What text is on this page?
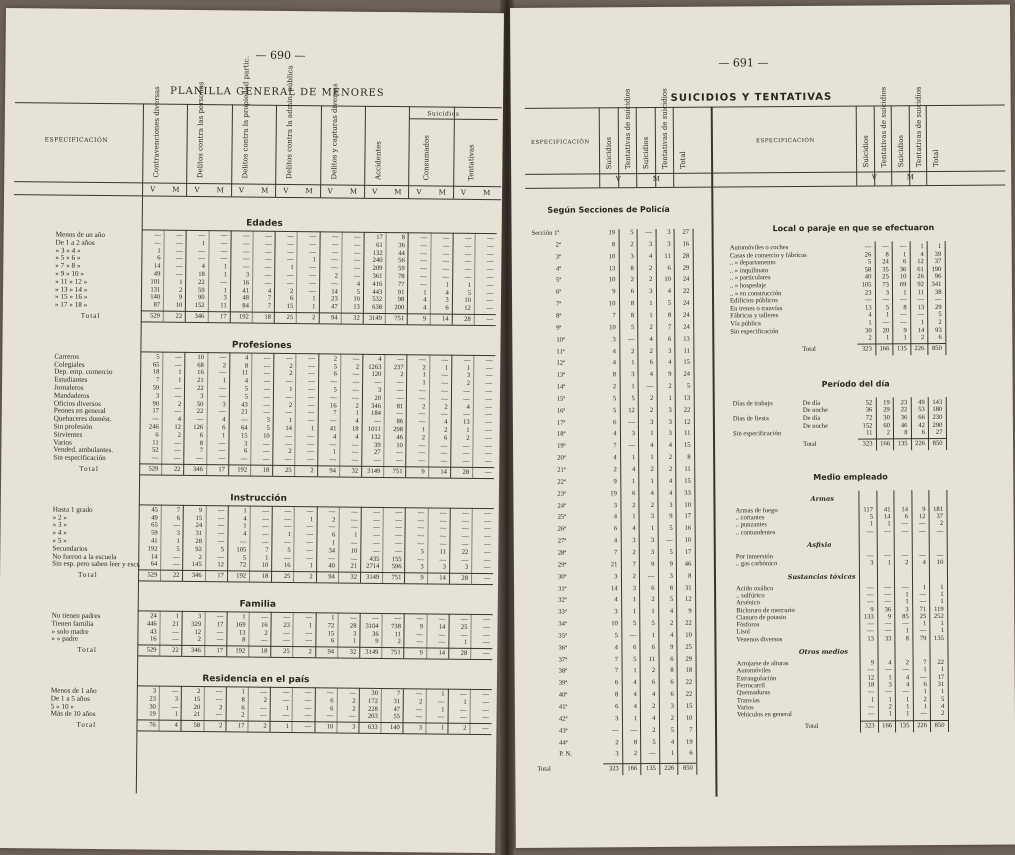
— 690 —
PLANILLA GENERAL DE MENORES
ESPECIFICACIÓN	Contravenciones diversas	Delitos contra las personas	Delitos contra la propiedad partic.	Delitos contra la admin. pública	Delitos y capturas diversas	Accidentes
Suicidios
Consumados	Tentativas
V M V M V M V M V M V M V M V M
Edades
Menos de un año	—	—	—	—	—	—	—	—	—	—	17	8	—	—	—	—
De 1 a 2 años	—	—	1	—	—	—	—	—	—	—	61	36	—	—	—	—
» 3 » 4 »	1	—	—	—	—	—	—	—	—	—	132	44	—	—	—	—
» 5 » 6 »	6	—	—	—	—	—	—	1	—	—	240	56	—	—	—	—
» 7 » 8 »	14	—	4	1	—	—	1	—	—	—	209	59	—	—	—	—
» 9 » 10 »	49	—	18	1	3	—	—	—	2	—	361	78	—	—	—	—
» 11 » 12 »	101	1	22	—	16	—	—	—	—	4	416	77	—	1	1	—
» 13 » 14 »	131	2	59	1	41	4	2	—	14	5	443	91	1	4	5	—
» 15 » 16 »	140	9	90	3	48	7	6	1	23	10	532	98	4	3	10	—
» 17 » 18 »	87	10	152	11	84	7	15	1	47	13	638	200	4	6	12	—
Total	529	22	346	17	192	18	25	2	94	32	3149	751	9	14	28	—
Profesiones
Carreros	5	—	10	—	4	—	—	—	2	—	4	—	—	—	—	—
Colegiales	65	—	68	2	8	—	2	—	5	2	1263	237	2	1	1	—
Dep. emp. comercio	18	1	16	—	11	—	2	—	6	—	120	2	1	—	3	—
Estudiantes	7	1	21	1	4	—	—	—	—	—	—	—	1	—	2	—
Jornaleros	59	—	22	—	5	—	1	—	5	—	3	—	—	—	—	—
Mandaderos	3	—	3	—	5	—	—	—	—	—	20	—	—	—	—	—
Oficios diversos	90	2	50	3	43	—	2	—	16	2	346	81	2	2	4	—
Peones en general	17	—	22	—	21	—	—	—	7	1	184	—	—	—	—	—
Quehaceres domést.	—	4	—	4	—	3	1	—	—	4	—	86	—	4	13	—
Sin profesión	246	12	126	6	64	5	14	1	41	18	1011	298	1	2	1	—
Sirvientes	6	2	6	1	15	10	—	—	4	4	132	46	2	6	2	—
Varios	11	—	8	—	3	—	—	—	—	—	39	10	—	—	—	—
Vended. ambulantes.	52	—	7	—	6	—	2	—	1	—	27	—	—	—	—	—
Sin especificación	—	—	—	—	—	—	—	—	—	—	—	—	—	—	—	—
Total	529	22	346	17	192	18	25	2	94	32	3149	751	9	14	28	—
Instrucción
Hasta 1 grado	45	7	9	—	1	—	—	—	—	—	—	—	—	—	—	—
» 2 »	49	6	15	—	4	—	—	1	2	—	—	—	—	—	—	—
» 3 »	65	—	24	—	1	—	—	—	—	—	—	—	—	—	—	—
» 4 »	59	3	31	—	4	—	1	—	6	1	—	—	—	—	—	—
» 5 »	41	1	28	—	—	—	—	—	1	—	—	—	—	—	—	—
Secundarios	192	5	92	5	105	7	5	—	34	10	—	—	5	11	22	—
No fueron a la escuela	14	—	2	—	5	1	—	—	—	—	435	155	—	—	—	—
Sin esp. pero saben leer y escr.	64	—	145	12	72	10	16	1	40	21	2714	596	3	3	3	—
Total	529	22	346	17	192	18	25	2	94	32	3149	751	9	14	28	—
Familia
No tienen padres	24	1	3	—	1	—	—	—	1	—	—	—	—	—	—	—
Tienen familia	446	21	329	17	169	16	23	1	72	28	3104	738	9	14	25	—
» solo madre	43	—	12	—	13	2	—	—	15	3	36	11	—	—	—	—
» » padre	16	—	2	—	8	—	—	—	6	1	9	2	—	—	1	—
Total	529	22	346	17	192	18	25	2	94	32	3149	751	9	14	28	—
Residencia en el país
Menos de 1 año	3	—	2	—	1	—	—	—	—	—	30	7	—	1	—	—
De 1 a 5 años	23	3	15	—	8	2	—	—	6	2	172	31	2	—	1	—
5 » 10 »	30	—	20	2	6	—	1	—	6	2	228	47	—	1	—	—
Más de 10 años	19	1	21	—	2	—	—	—	—	—	203	55	—	—	—	—
Total	76	4	58	2	17	2	1	—	10	3	633	140	3	1	2	—
— 691 —
SUICIDIOS Y TENTATIVAS
ESPECIFICACIÓN	ESPECIFICACIÓN
Suicidios Tentativas de suicidios Suicidios Tentativas de suicidios Total
V	M
Suicidios Tentativas de suicidios Suicidios Tentativas de suicidios Total
V	M
Según Secciones de Policía
Sección 1ª	19	5	—	3	27
2ª	8	2	3	3	16
3ª	10	3	4	11	28
4ª	13	8	2	6	29
5ª	10	2	2	10	24
6ª	9	6	3	4	22
7ª	10	8	1	5	24
8ª	7	8	1	8	24
9ª	10	5	2	7	24
10ª	3	—	4	6	13
11ª	4	2	2	3	11
12ª	4	1	6	4	15
13ª	8	3	4	9	24
14ª	2	1	—	2	5
15ª	5	5	2	1	13
16ª	5	12	2	3	22
17ª	6	—	3	3	12
18ª	4	3	1	3	11
19ª	7	—	4	4	15
20ª	4	1	1	2	8
21ª	2	4	2	2	11
22ª	9	1	1	4	15
23ª	19	6	4	4	33
24ª	3	2	2	3	10
25ª	4	1	3	9	17
26ª	6	4	1	5	16
27ª	4	3	3	—	10
28ª	7	2	3	5	17
29ª	21	7	9	9	46
30ª	3	2	—	3	8
31ª	14	3	6	8	31
32ª	4	1	2	5	12
33ª	3	1	1	4	9
34ª	10	5	5	2	22
35ª	5	—	1	4	10
36ª	4	6	6	9	25
37ª	7	5	11	6	29
38ª	7	1	2	8	18
39ª	6	4	6	6	22
40ª	8	4	4	6	22
41ª	6	4	2	3	15
42ª	3	1	4	2	10
43ª	—	—	2	5	7
44ª	2	8	5	4	19
P. N.	3	2	—	1	6
Total	323	166	135	226	850
Local o paraje en que se efectuaron
Automóviles o coches	—	—	—	1	1
Casas de comercio y fábricas	26	8	1	4	39
.. » departamento	5	24	6	12	37
.. » inquilinato	58	35	36	61	190
.. » particulares	40	25	10	26	96
.. » hospedaje	105	73	69	92	341
.. » en construcción	23	3	1	11	38
Edificios públicos	—	—	—	—	—
En trenes o tranvías	13	5	8	13	29
Fábricas y talleres	4	1	—	—	5
Vía pública	1	—	—	1	2
Sin especificación	30	20	9	14	93
2	1	1	2	6
Total	323	166	135	226	850
Período del día
Días de trabajo	De día	52	19	23	49	143
De noche	36	29	22	53	180
Días de fiesta	De día	72	30	36	66	230
De noche	152	60	46	42	290
Sin especificación	11	2	8	6	27
Total	323	166	135	226	850
Medio empleado
Armas
Armas de fuego	117	41	14	9	181
.. cortantes	5	14	6	12	37
.. punzantes	1	1	—	—	2
.. contundentes	—	—	—	—	—
Asfixia
Por inmersión	—	—	—	—	—
.. gas carbónico	3	1	2	4	10
Sustancias tóxicas
Acido oxálico	—	—	—	1	1
.. sulfúrico	—	—	1	—	1
Arsénico	—	—	1	—	1
Bicloruro de mercurio	9	36	3	71	119
Cianuro de potasio	133	9	85	25	252
Fósforos	—	—	—	1	1
Lisol	—	—	1	—	1
Venenos diversos	13	33	8	79	135
Otros medios
Arrojarse de alturas	9	4	2	7	22
Automóviles	—	—	—	1	1
Estrangulación	12	1	4	—	17
Ferrocarril	18	3	4	6	31
Quemaduras	—	—	—	1	1
Tranvías	1	1	1	2	5
Varios	—	2	1	1	4
Vehículos en general	—	1	1	—	2
Total	323	166	135	226	850
